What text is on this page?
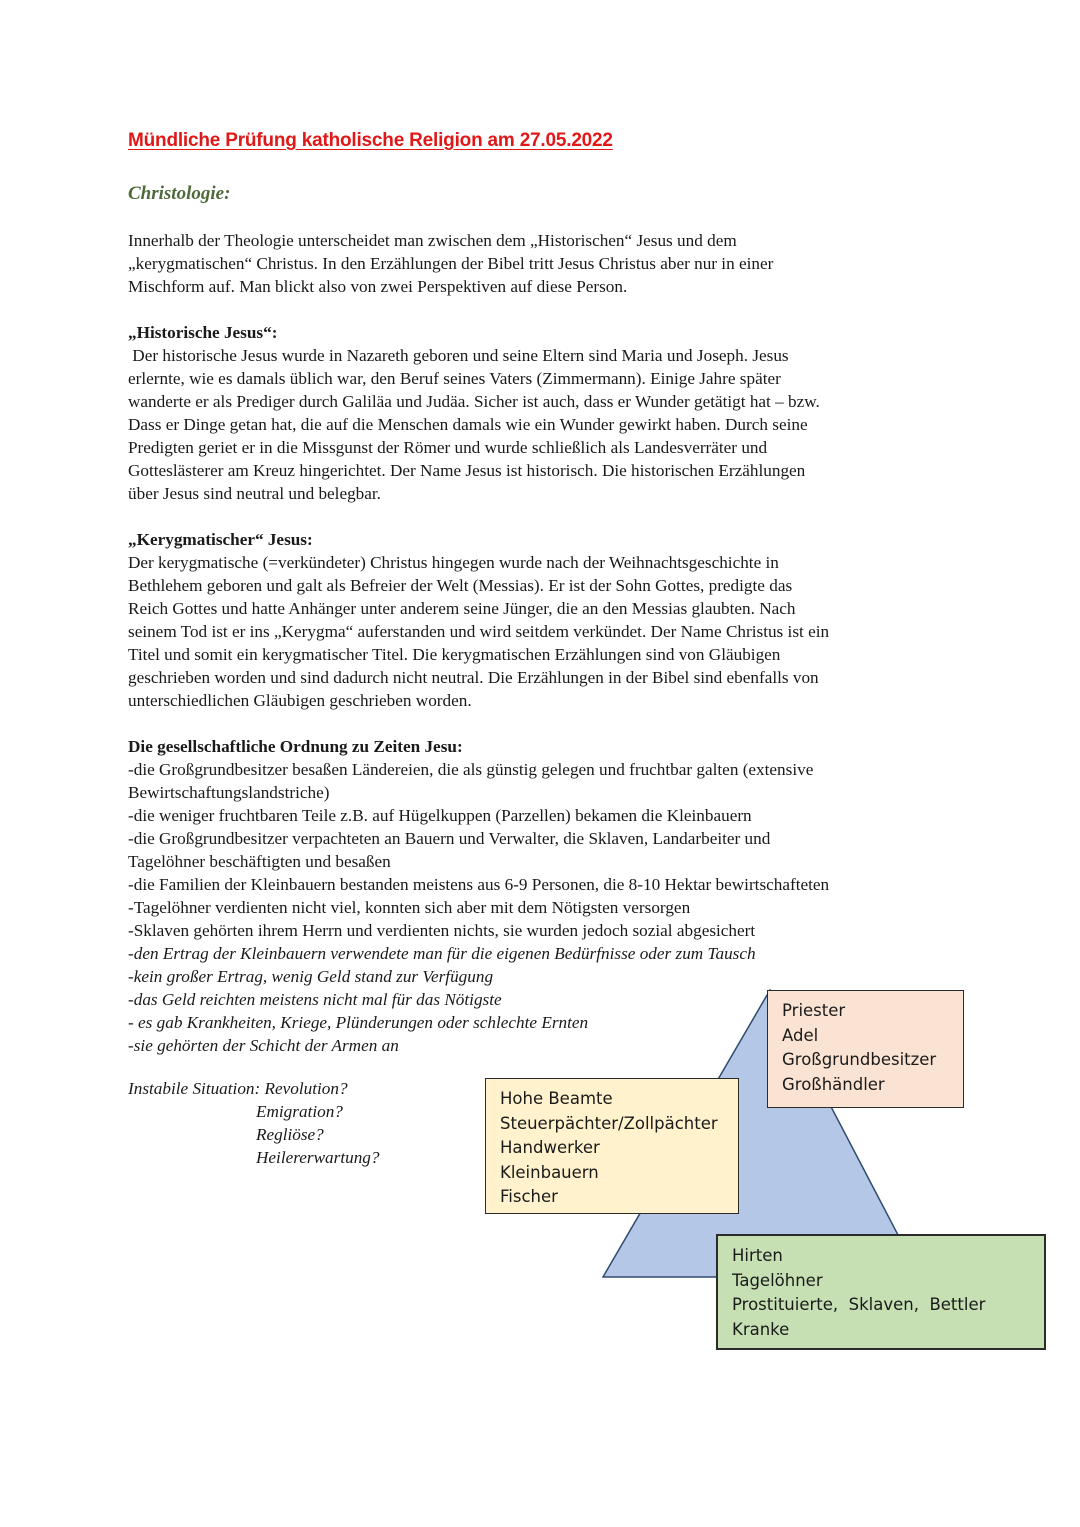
Mündliche Prüfung katholische Religion am 27.05.2022
Christologie:
Innerhalb der Theologie unterscheidet man zwischen dem „Historischen“ Jesus und dem
„kerygmatischen“ Christus. In den Erzählungen der Bibel tritt Jesus Christus aber nur in einer
Mischform auf. Man blickt also von zwei Perspektiven auf diese Person.
„Historische Jesus“:
Der historische Jesus wurde in Nazareth geboren und seine Eltern sind Maria und Joseph. Jesus
erlernte, wie es damals üblich war, den Beruf seines Vaters (Zimmermann). Einige Jahre später
wanderte er als Prediger durch Galiläa und Judäa. Sicher ist auch, dass er Wunder getätigt hat – bzw.
Dass er Dinge getan hat, die auf die Menschen damals wie ein Wunder gewirkt haben. Durch seine
Predigten geriet er in die Missgunst der Römer und wurde schließlich als Landesverräter und
Gotteslästerer am Kreuz hingerichtet. Der Name Jesus ist historisch. Die historischen Erzählungen
über Jesus sind neutral und belegbar.
„Kerygmatischer“ Jesus:
Der kerygmatische (=verkündeter) Christus hingegen wurde nach der Weihnachtsgeschichte in
Bethlehem geboren und galt als Befreier der Welt (Messias). Er ist der Sohn Gottes, predigte das
Reich Gottes und hatte Anhänger unter anderem seine Jünger, die an den Messias glaubten. Nach
seinem Tod ist er ins „Kerygma“ auferstanden und wird seitdem verkündet. Der Name Christus ist ein
Titel und somit ein kerygmatischer Titel. Die kerygmatischen Erzählungen sind von Gläubigen
geschrieben worden und sind dadurch nicht neutral. Die Erzählungen in der Bibel sind ebenfalls von
unterschiedlichen Gläubigen geschrieben worden.
Die gesellschaftliche Ordnung zu Zeiten Jesu:
-die Großgrundbesitzer besaßen Ländereien, die als günstig gelegen und fruchtbar galten (extensive
Bewirtschaftungslandstriche)
-die weniger fruchtbaren Teile z.B. auf Hügelkuppen (Parzellen) bekamen die Kleinbauern
-die Großgrundbesitzer verpachteten an Bauern und Verwalter, die Sklaven, Landarbeiter und
Tagelöhner beschäftigten und besaßen
-die Familien der Kleinbauern bestanden meistens aus 6-9 Personen, die 8-10 Hektar bewirtschafteten
-Tagelöhner verdienten nicht viel, konnten sich aber mit dem Nötigsten versorgen
-Sklaven gehörten ihrem Herrn und verdienten nichts, sie wurden jedoch sozial abgesichert
-den Ertrag der Kleinbauern verwendete man für die eigenen Bedürfnisse oder zum Tausch
-kein großer Ertrag, wenig Geld stand zur Verfügung
-das Geld reichten meistens nicht mal für das Nötigste
- es gab Krankheiten, Kriege, Plünderungen oder schlechte Ernten
-sie gehörten der Schicht der Armen an
Instabile Situation: Revolution?
Emigration?
Regliöse?
Heilererwartung?
Priester
Adel
Großgrundbesitzer
Großhändler
Hohe Beamte
Steuerpächter/Zollpächter
Handwerker
Kleinbauern
Fischer
Hirten
Tagelöhner
Prostituierte,  Sklaven,  Bettler
Kranke
